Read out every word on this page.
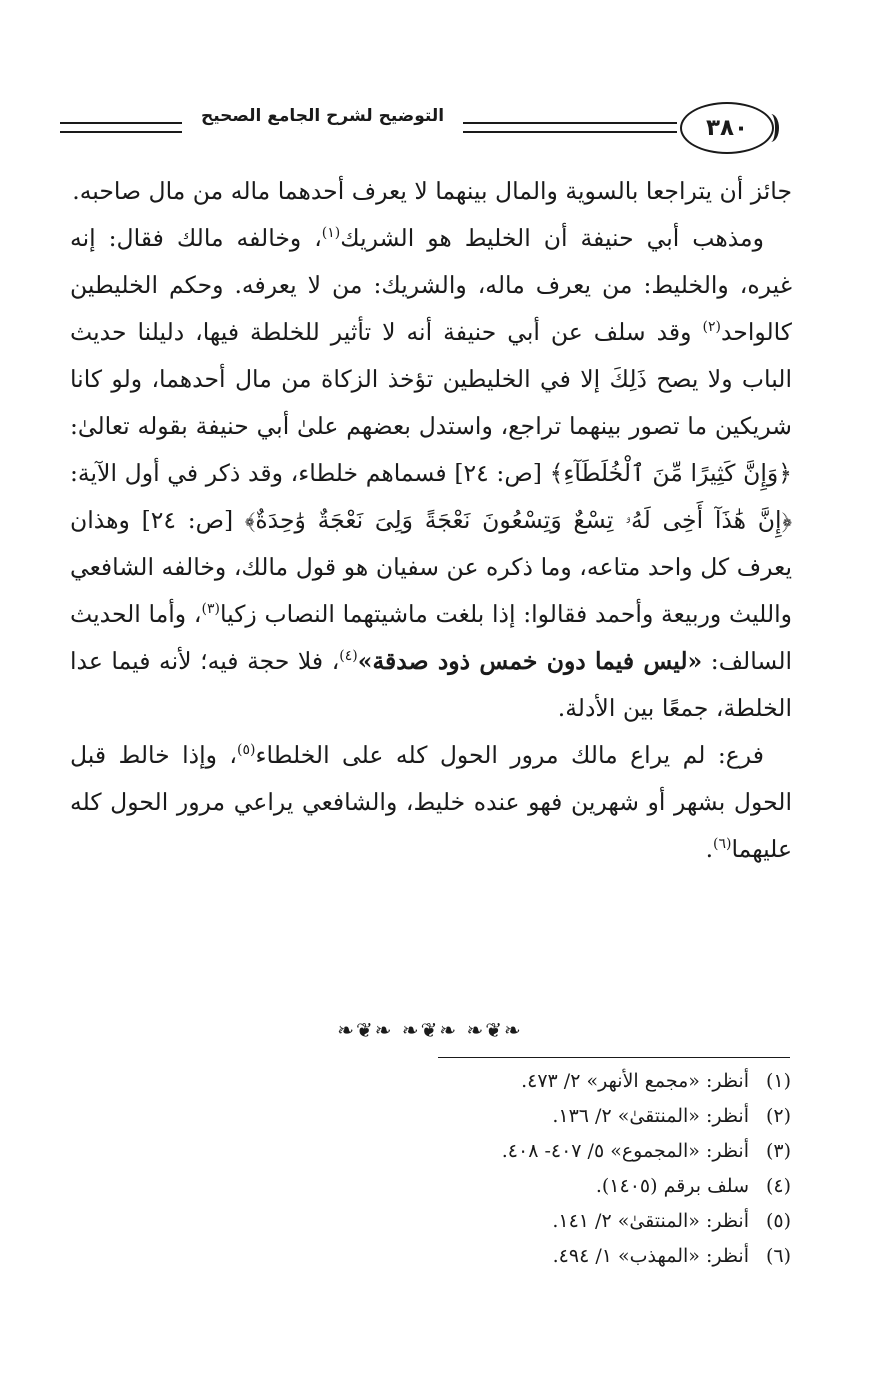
التوضيح لشرح الجامع الصحيح	٣٨٠

جائز أن يتراجعا بالسوية والمال بينهما لا يعرف أحدهما ماله من مال صاحبه.

ومذهب أبي حنيفة أن الخليط هو الشريك$^{(١)}$، وخالفه مالك فقال: إنه غيره، والخليط: من يعرف ماله، والشريك: من لا يعرفه. وحكم الخليطين كالواحد$^{(٢)}$ وقد سلف عن أبي حنيفة أنه لا تأثير للخلطة فيها، دليلنا حديث الباب ولا يصح ذَلِكَ إلا في الخليطين تؤخذ الزكاة من مال أحدهما، ولو كانا شريكين ما تصور بينهما تراجع، واستدل بعضهم علىٰ أبي حنيفة بقوله تعالىٰ: ﴿وَإِنَّ كَثِيرًا مِّنَ ٱلْخُلَطَآءِ﴾ [ص: ٢٤] فسماهم خلطاء، وقد ذكر في أول الآية: ﴿إِنَّ هَٰذَآ أَخِى لَهُۥ تِسْعٌ وَتِسْعُونَ نَعْجَةً وَلِىَ نَعْجَةٌ وَٰحِدَةٌ﴾ [ص: ٢٤] وهذان يعرف كل واحد متاعه، وما ذكره عن سفيان هو قول مالك، وخالفه الشافعي والليث وربيعة وأحمد فقالوا: إذا بلغت ماشيتهما النصاب زكيا$^{(٣)}$، وأما الحديث السالف: «ليس فيما دون خمس ذود صدقة»$^{(٤)}$، فلا حجة فيه؛ لأنه فيما عدا الخلطة، جمعًا بين الأدلة.

فرع: لم يراع مالك مرور الحول كله على الخلطاء$^{(٥)}$، وإذا خالط قبل الحول بشهر أو شهرين فهو عنده خليط، والشافعي يراعي مرور الحول كله عليهما$^{(٦)}$.

❧❦❧ ❧❦❧ ❧❦❧
(١)أنظر: «مجمع الأنهر» ٢/ ٤٧٣.
(٢)أنظر: «المنتقىٰ» ٢/ ١٣٦.
(٣)أنظر: «المجموع» ٥/ ٤٠٧- ٤٠٨.
(٤)سلف برقم (١٤٠٥).
(٥)أنظر: «المنتقىٰ» ٢/ ١٤١.
(٦)أنظر: «المهذب» ١/ ٤٩٤.
